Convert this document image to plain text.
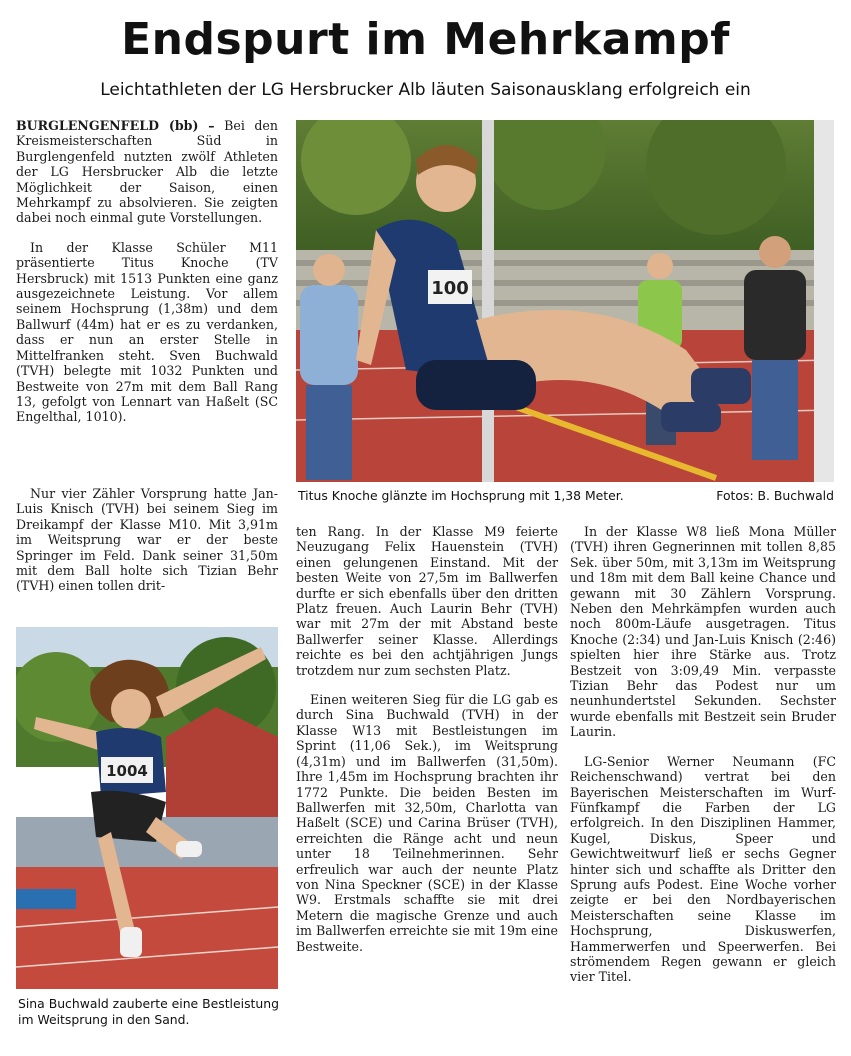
Endspurt im Mehrkampf
Leichtathleten der LG Hersbrucker Alb läuten Saisonausklang erfolgreich ein

BURGLENGENFELD (bb) – Bei den Kreismeisterschaften Süd in Burglengenfeld nutzten zwölf Athleten der LG Hersbrucker Alb die letzte Möglichkeit der Saison, einen Mehrkampf zu absolvieren. Sie zeigten dabei noch einmal gute Vorstellungen.

In der Klasse Schüler M11 präsentierte Titus Knoche (TV Hersbruck) mit 1513 Punkten eine ganz ausgezeichnete Leistung. Vor allem seinem Hochsprung (1,38m) und dem Ballwurf (44m) hat er es zu verdanken, dass er nun an erster Stelle in Mittelfranken steht. Sven Buchwald (TVH) belegte mit 1032 Punkten und Bestweite von 27m mit dem Ball Rang 13, gefolgt von Lennart van Haßelt (SC Engelthal, 1010).

Nur vier Zähler Vorsprung hatte Jan-Luis Knisch (TVH) bei seinem Sieg im Dreikampf der Klasse M10. Mit 3,91m im Weitsprung war er der beste Springer im Feld. Dank seiner 31,50m mit dem Ball holte sich Tizian Behr (TVH) einen tollen drit-

100
Titus Knoche glänzte im Hochsprung mit 1,38 Meter.	Fotos: B. Buchwald
1004
Sina Buchwald zauberte eine Bestleistung im Weitsprung in den Sand.

ten Rang. In der Klasse M9 feierte Neuzugang Felix Hauenstein (TVH) einen gelungenen Einstand. Mit der besten Weite von 27,5m im Ballwerfen durfte er sich ebenfalls über den dritten Platz freuen. Auch Laurin Behr (TVH) war mit 27m der mit Abstand beste Ballwerfer seiner Klasse. Allerdings reichte es bei den achtjährigen Jungs trotzdem nur zum sechsten Platz.

Einen weiteren Sieg für die LG gab es durch Sina Buchwald (TVH) in der Klasse W13 mit Bestleistungen im Sprint (11,06 Sek.), im Weitsprung (4,31m) und im Ballwerfen (31,50m). Ihre 1,45m im Hochsprung brachten ihr 1772 Punkte. Die beiden Besten im Ballwerfen mit 32,50m, Charlotta van Haßelt (SCE) und Carina Brüser (TVH), erreichten die Ränge acht und neun unter 18 Teilnehmerinnen. Sehr erfreulich war auch der neunte Platz von Nina Speckner (SCE) in der Klasse W9. Erstmals schaffte sie mit drei Metern die magische Grenze und auch im Ballwerfen erreichte sie mit 19m eine Bestweite.

In der Klasse W8 ließ Mona Müller (TVH) ihren Gegnerinnen mit tollen 8,85 Sek. über 50m, mit 3,13m im Weitsprung und 18m mit dem Ball keine Chance und gewann mit 30 Zählern Vorsprung. Neben den Mehrkämpfen wurden auch noch 800m-Läufe ausgetragen. Titus Knoche (2:34) und Jan-Luis Knisch (2:46) spielten hier ihre Stärke aus. Trotz Bestzeit von 3:09,49 Min. verpasste Tizian Behr das Podest nur um neunhundertstel Sekunden. Sechster wurde ebenfalls mit Bestzeit sein Bruder Laurin.

LG-Senior Werner Neumann (FC Reichenschwand) vertrat bei den Bayerischen Meisterschaften im Wurf-Fünfkampf die Farben der LG erfolgreich. In den Disziplinen Hammer, Kugel, Diskus, Speer und Gewichtweitwurf ließ er sechs Gegner hinter sich und schaffte als Dritter den Sprung aufs Podest. Eine Woche vorher zeigte er bei den Nordbayerischen Meisterschaften seine Klasse im Hochsprung, Diskuswerfen, Hammerwerfen und Speerwerfen. Bei strömendem Regen gewann er gleich vier Titel.
